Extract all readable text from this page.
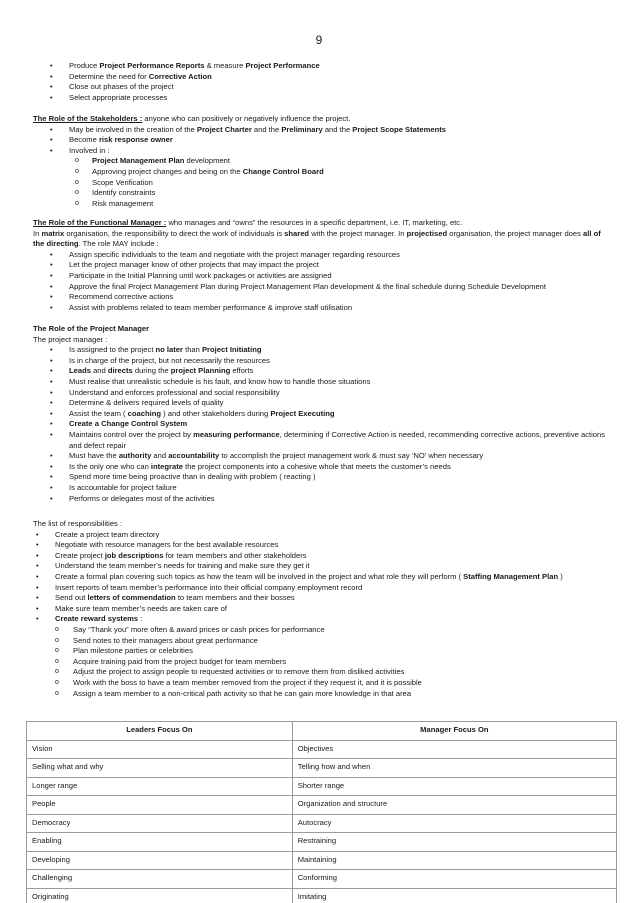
9
• Produce Project Performance Reports & measure Project Performance
• Determine the need for Corrective Action
• Close out phases of the project
• Select appropriate processes
The Role of the Stakeholders : anyone who can positively or negatively influence the project.
• May be involved in the creation of the Project Charter and the Preliminary and the Project Scope Statements
• Become risk response owner
• Involved in :
o Project Management Plan development
o Approving project changes and being on the Change Control Board
o Scope Verification
o Identify constraints
o Risk management
The Role of the Functional Manager : who manages and “owns” the resources in a specific department, i.e. IT, marketing, etc.
In matrix organisation, the responsibility to direct the work of individuals is shared with the project manager. In projectised organisation, the project manager does all of the directing. The role MAY include :
• Assign specific individuals to the team and negotiate with the project manager regarding resources
• Let the project manager know of other projects that may impact the project
• Participate in the Initial Planning until work packages or activities are assigned
• Approve the final Project Management Plan during Project Management Plan development & the final schedule during Schedule Development
• Recommend corrective actions
• Assist with problems related to team member performance & improve staff utilisation
The Role of the Project Manager
The project manager :
• Is assigned to the project no later than Project Initiating
• Is in charge of the project, but not necessarily the resources
• Leads and directs during the project Planning efforts
• Must realise that unrealistic schedule is his fault, and know how to handle those situations
• Understand and enforces professional and social responsibility
• Determine & delivers required levels of quality
• Assist the team ( coaching ) and other stakeholders during Project Executing
• Create a Change Control System
• Maintains control over the project by measuring performance, determining if Corrective Action is needed, recommending corrective actions, preventive actions and defect repair
• Must have the authority and accountability to accomplish the project management work & must say ‘NO’ when necessary
• Is the only one who can integrate the project components into a cohesive whole that meets the customer’s needs
• Spend more time being proactive than in dealing with problem ( reacting )
• Is accountable for project failure
• Performs or delegates most of the activities
The list of responsibilities :
• Create a project team directory
• Negotiate with resource managers for the best available resources
• Create project job descriptions for team members and other stakeholders
• Understand the team member’s needs for training and make sure they get it
• Create a formal plan covering such topics as how the team will be involved in the project and what role they will perform ( Staffing Management Plan )
• Insert reports of team member’s performance into their official company employment record
• Send out letters of commendation to team members and their bosses
• Make sure team member’s needs are taken care of
• Create reward systems :
o Say “Thank you” more often & award prices or cash prices for performance
o Send notes to their managers about great performance
o Plan milestone parties or celebrities
o Acquire training paid from the project budget for team members
o Adjust the project to assign people to requested activities or to remove them from disliked activities
o Work with the boss to have a team member removed from the project if they request it, and it is possible
o Assign a team member to a non-critical path activity so that he can gain more knowledge in that area
Leaders Focus On	Manager Focus On
Vision	Objectives
Selling what and why	Telling how and when
Longer range	Shorter range
People	Organization and structure
Democracy	Autocracy
Enabling	Restraining
Developing	Maintaining
Challenging	Conforming
Originating	Imitating
